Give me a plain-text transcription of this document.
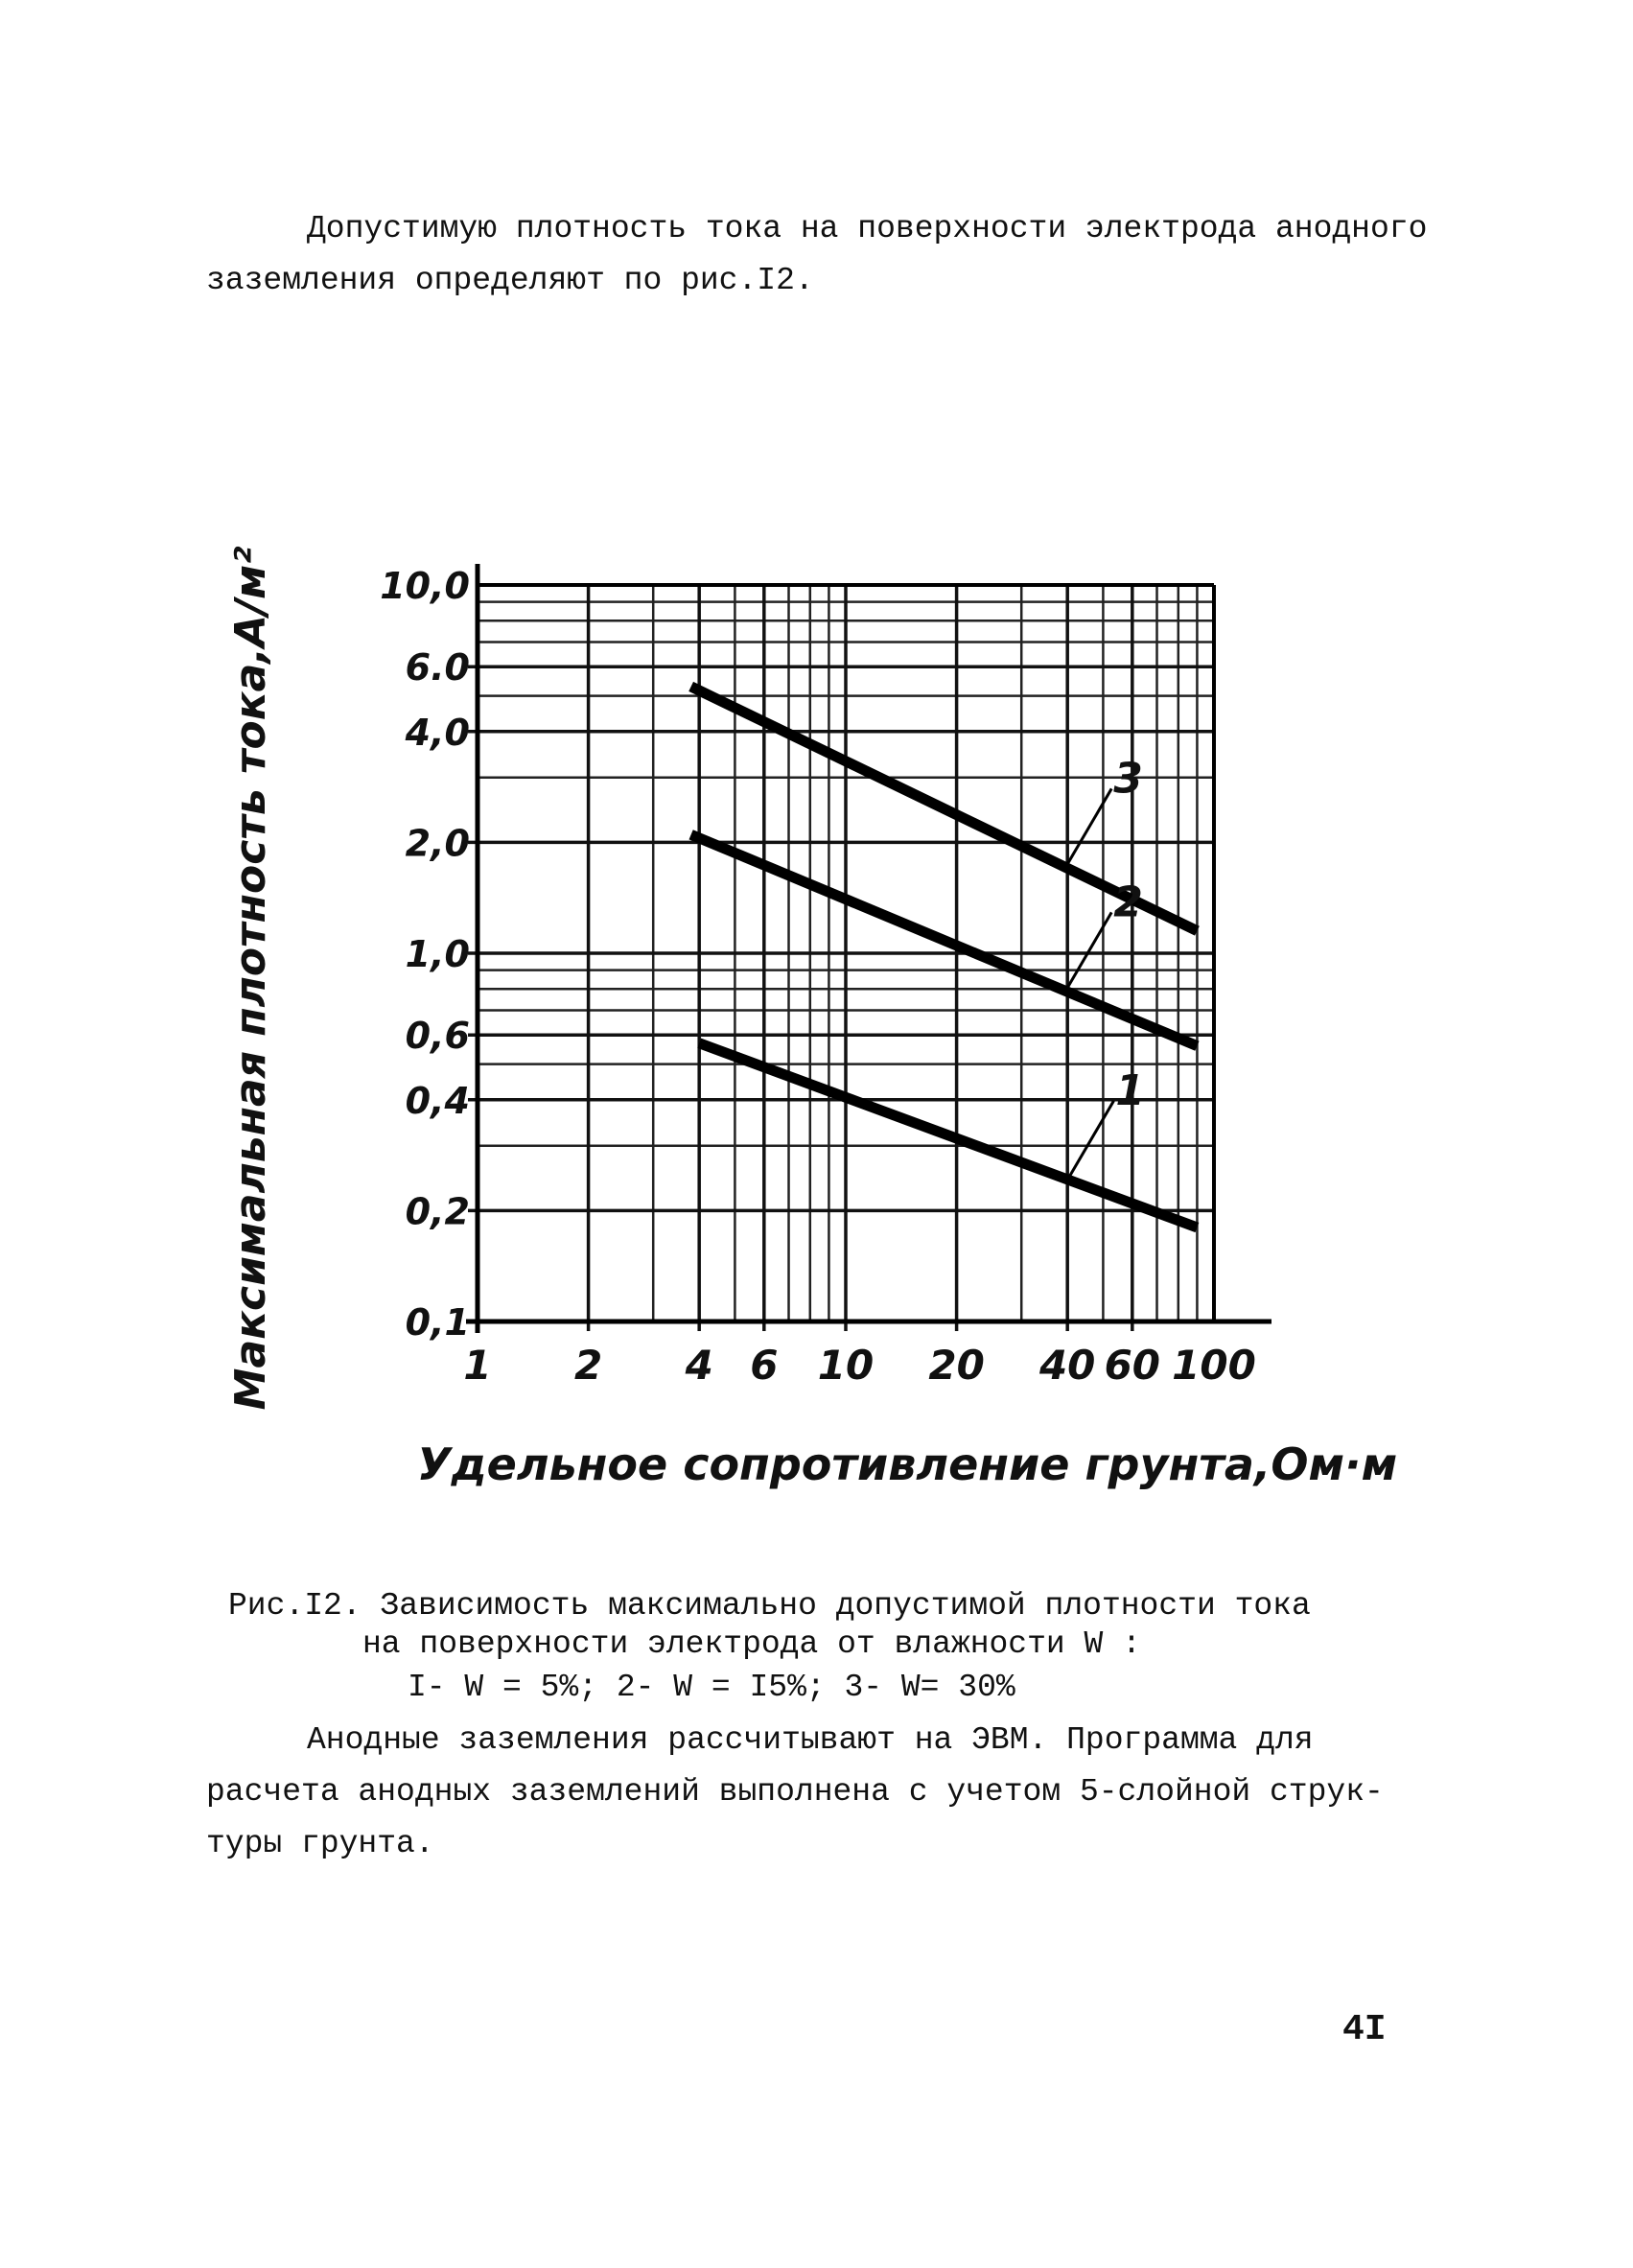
Допустимую плотность тока на поверхности электрода анодного
заземления определяют по рис.I2.

1
2
3
1 2 4 6 10 20 40 60 100
0,1
0,2
0,4
0,6
1,0
2,0
4,0
6.0
10,0
Удельное сопротивление грунта,Ом·м
Максимальная плотность тока,А/м²

Рис.I2. Зависимость максимально допустимой плотности тока

на поверхности электрода от влажности W :

I- W = 5%; 2- W = I5%; 3- W= 30%

Анодные заземления рассчитывают на ЭВМ. Программа для
расчета анодных заземлений выполнена с учетом 5-слойной струк-
туры грунта.

4I
